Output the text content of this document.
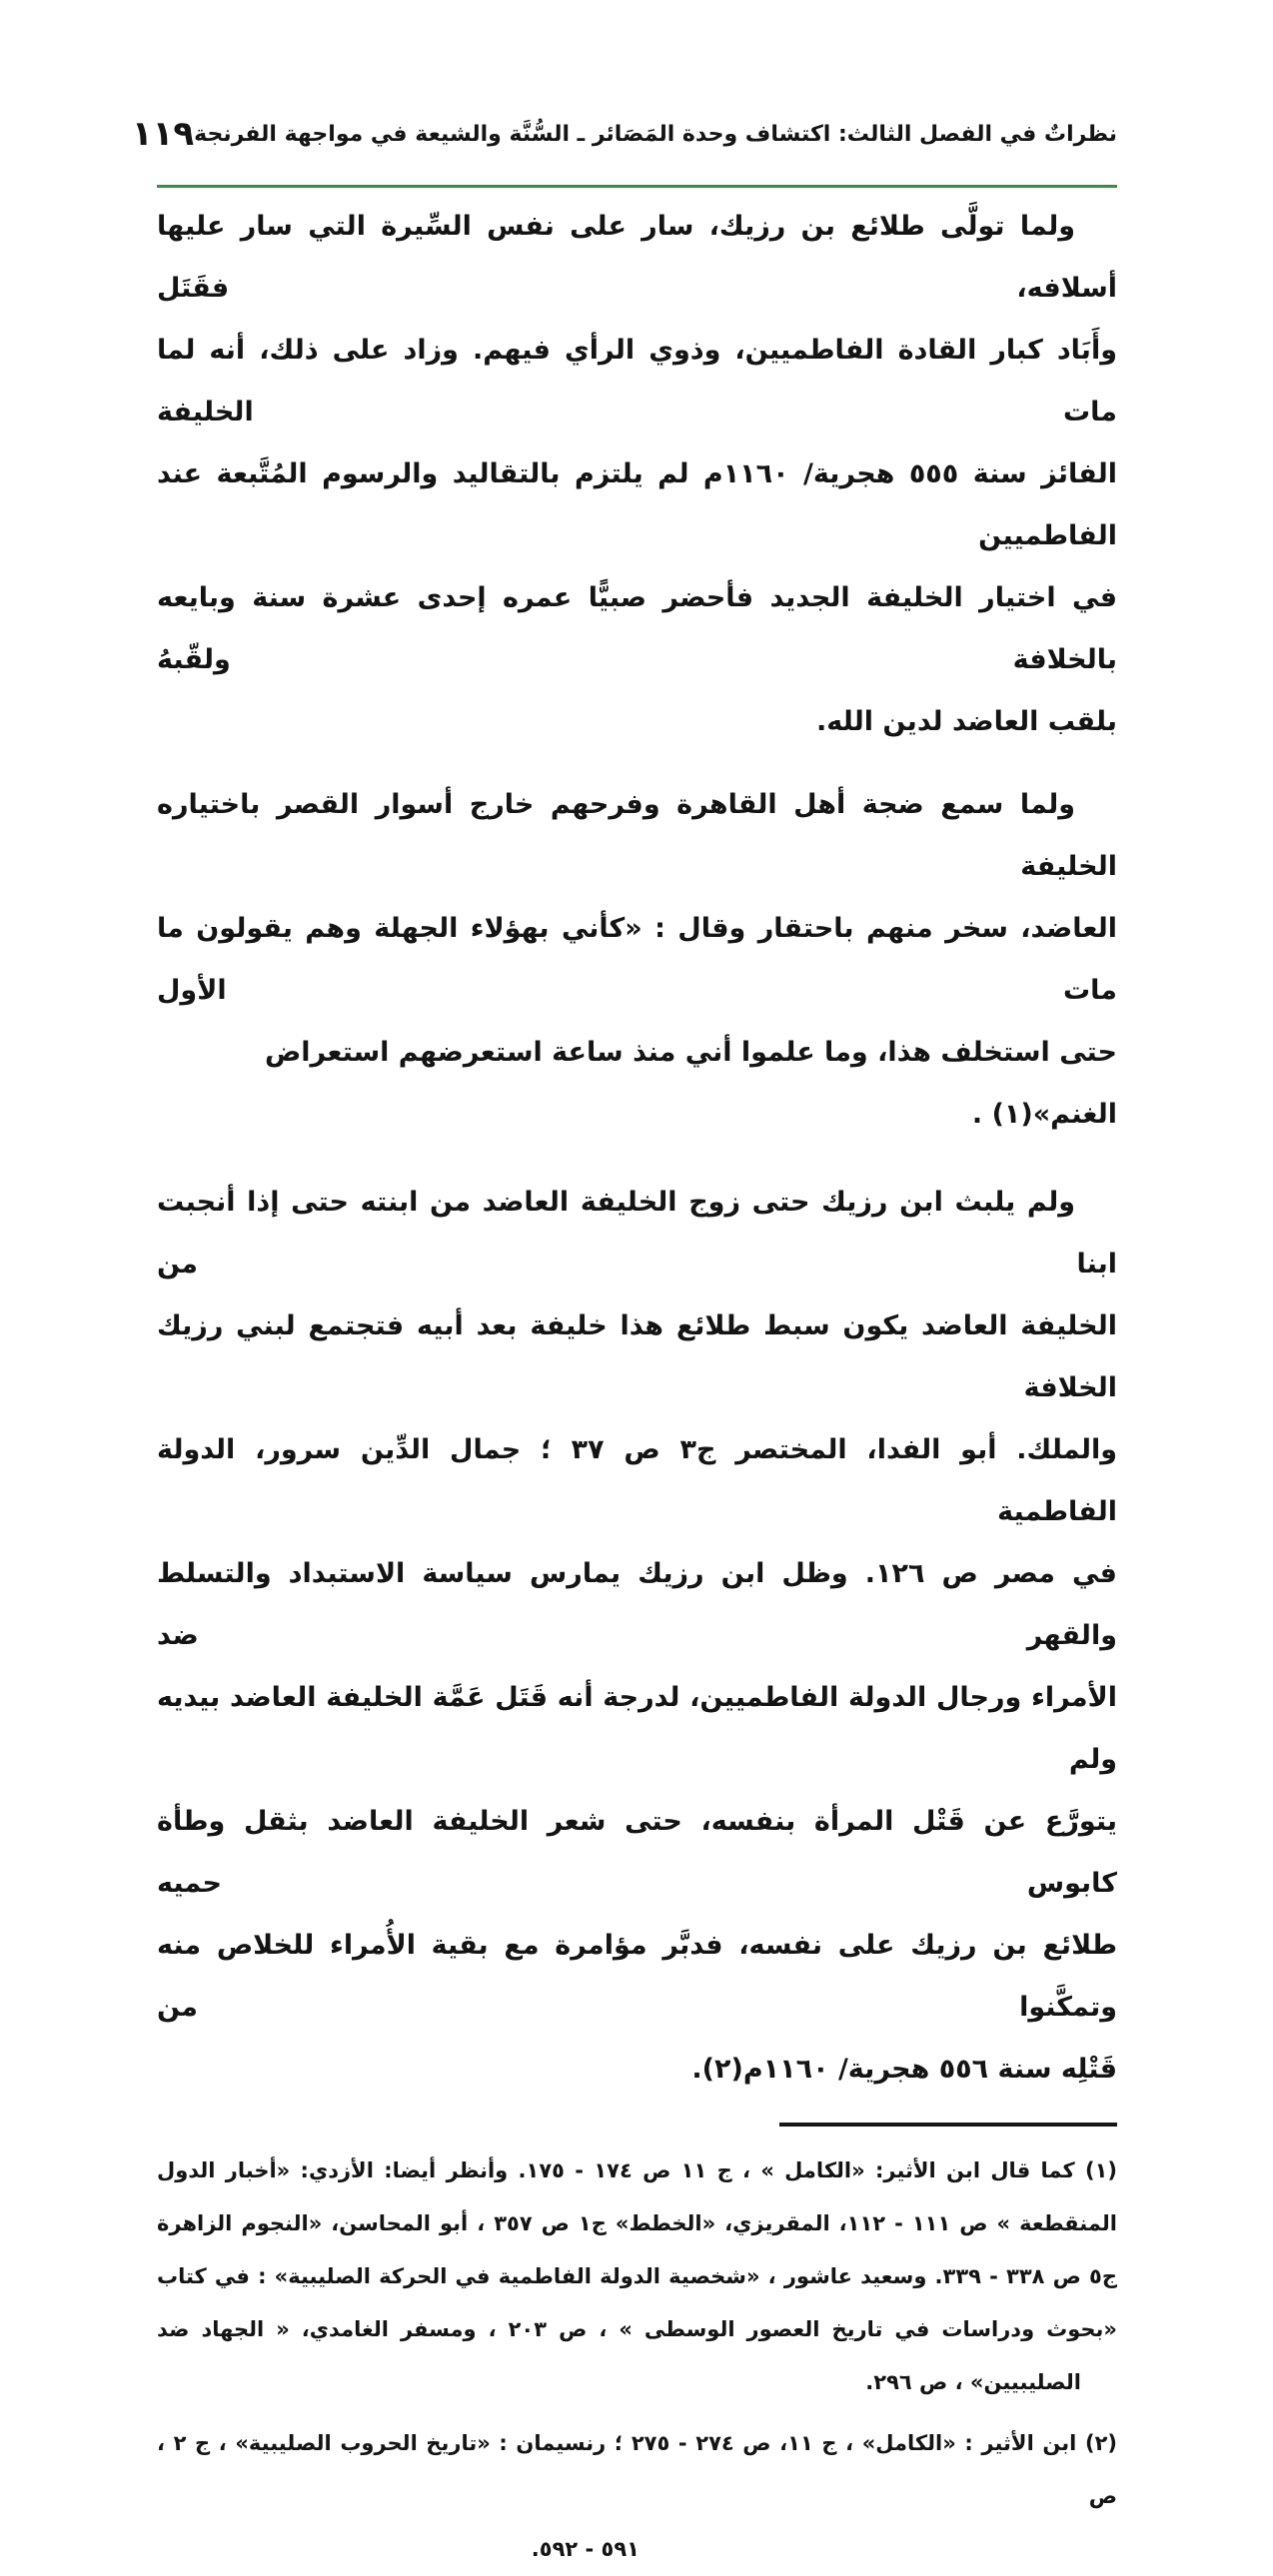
نظراتٌ في الفصل الثالث: اكتشاف وحدة المَصَائر ـ السُّنَّة والشيعة في مواجهة الفرنجة
١١٩
ولما تولَّى طلائع بن رزيك، سار على نفس السِّيرة التي سار عليها أسلافه، فقَتَل
وأَبَاد كبار القادة الفاطميين، وذوي الرأي فيهم. وزاد على ذلك، أنه لما مات الخليفة
الفائز سنة ٥٥٥ هجرية/ ١١٦٠م لم يلتزم بالتقاليد والرسوم المُتَّبعة عند الفاطميين
في اختيار الخليفة الجديد فأحضر صبيًّا عمره إحدى عشرة سنة وبايعه بالخلافة ولقّبهُ
بلقب العاضد لدين الله.
ولما سمع ضجة أهل القاهرة وفرحهم خارج أسوار القصر باختياره الخليفة
العاضد، سخر منهم باحتقار وقال : «كأني بهؤلاء الجهلة وهم يقولون ما مات الأول
حتى استخلف هذا، وما علموا أني منذ ساعة استعرضهم استعراض الغنم»(١) .
ولم يلبث ابن رزيك حتى زوج الخليفة العاضد من ابنته حتى إذا أنجبت ابنا من
الخليفة العاضد يكون سبط طلائع هذا خليفة بعد أبيه فتجتمع لبني رزيك الخلافة
والملك. أبو الفدا، المختصر ج٣ ص ٣٧ ؛ جمال الدِّين سرور، الدولة الفاطمية
في مصر ص ١٢٦. وظل ابن رزيك يمارس سياسة الاستبداد والتسلط والقهر ضد
الأمراء ورجال الدولة الفاطميين، لدرجة أنه قَتَل عَمَّة الخليفة العاضد بيديه ولم
يتورَّع عن قَتْل المرأة بنفسه، حتى شعر الخليفة العاضد بثقل وطأة كابوس حميه
طلائع بن رزيك على نفسه، فدبَّر مؤامرة مع بقية الأُمراء للخلاص منه وتمكَّنوا من
قَتْلِه سنة ٥٥٦ هجرية/ ١١٦٠م(٢).
(١) كما قال ابن الأثير: «الكامل » ، ج ١١ ص ١٧٤ - ١٧٥. وأنظر أيضا: الأزدي: «أخبار الدول
المنقطعة » ص ١١١ - ١١٢، المقريزي، «الخطط» ج١ ص ٣٥٧ ، أبو المحاسن، «النجوم الزاهرة
ج٥ ص ٣٣٨ - ٣٣٩. وسعيد عاشور ، «شخصية الدولة الفاطمية في الحركة الصليبية» : في كتاب
«بحوث ودراسات في تاريخ العصور الوسطى » ، ص ٢٠٣ ، ومسفر الغامدي، « الجهاد ضد
الصليبيين» ، ص ٢٩٦.
(٢) ابن الأثير : «الكامل» ، ج ١١، ص ٢٧٤ - ٢٧٥ ؛ رنسيمان : «تاريخ الحروب الصليبية» ، ج ٢ ، ص
٥٩١ - ٥٩٢.
